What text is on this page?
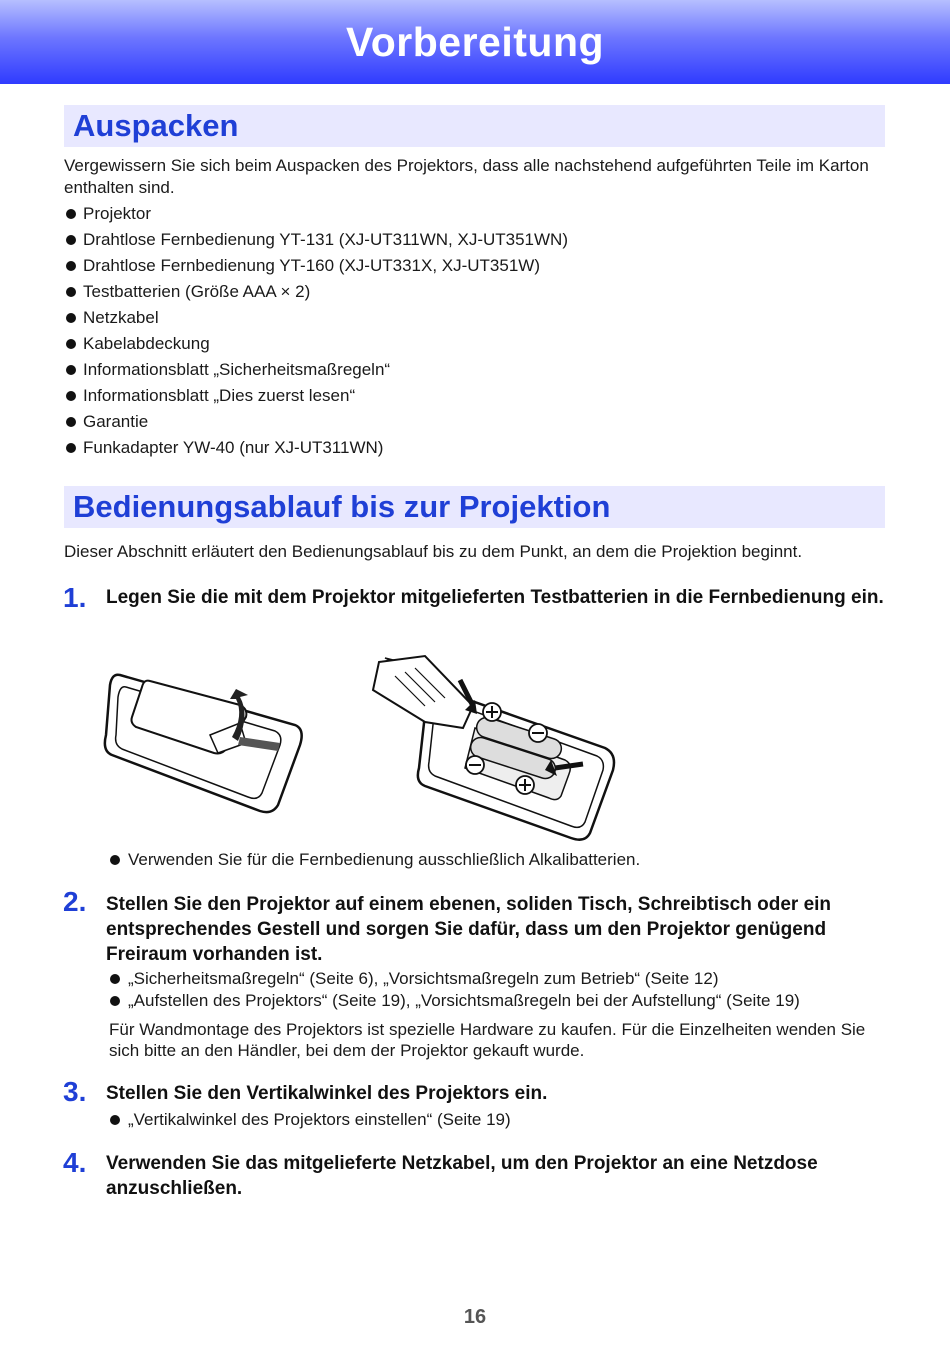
Vorbereitung
Auspacken

Vergewissern Sie sich beim Auspacken des Projektors, dass alle nachstehend aufgeführten Teile im Karton enthalten sind.

Projektor
Drahtlose Fernbedienung YT-131 (XJ-UT311WN, XJ-UT351WN)
Drahtlose Fernbedienung YT-160 (XJ-UT331X, XJ-UT351W)
Testbatterien (Größe AAA × 2)
Netzkabel
Kabelabdeckung
Informationsblatt „Sicherheitsmaßregeln“
Informationsblatt „Dies zuerst lesen“
Garantie
Funkadapter YW-40 (nur XJ-UT311WN)
Bedienungsablauf bis zur Projektion

Dieser Abschnitt erläutert den Bedienungsablauf bis zu dem Punkt, an dem die Projektion beginnt.

1. Legen Sie die mit dem Projektor mitgelieferten Testbatterien in die Fernbedienung ein.

Verwenden Sie für die Fernbedienung ausschließlich Alkalibatterien.
2. Stellen Sie den Projektor auf einem ebenen, soliden Tisch, Schreibtisch oder ein entsprechendes Gestell und sorgen Sie dafür, dass um den Projektor genügend Freiraum vorhanden ist.

„Sicherheitsmaßregeln“ (Seite 6), „Vorsichtsmaßregeln zum Betrieb“ (Seite 12)
„Aufstellen des Projektors“ (Seite 19), „Vorsichtsmaßregeln bei der Aufstellung“ (Seite 19)

Für Wandmontage des Projektors ist spezielle Hardware zu kaufen. Für die Einzelheiten wenden Sie sich bitte an den Händler, bei dem der Projektor gekauft wurde.

3. Stellen Sie den Vertikalwinkel des Projektors ein.

„Vertikalwinkel des Projektors einstellen“ (Seite 19)
4. Verwenden Sie das mitgelieferte Netzkabel, um den Projektor an eine Netzdose anzuschließen.

16
